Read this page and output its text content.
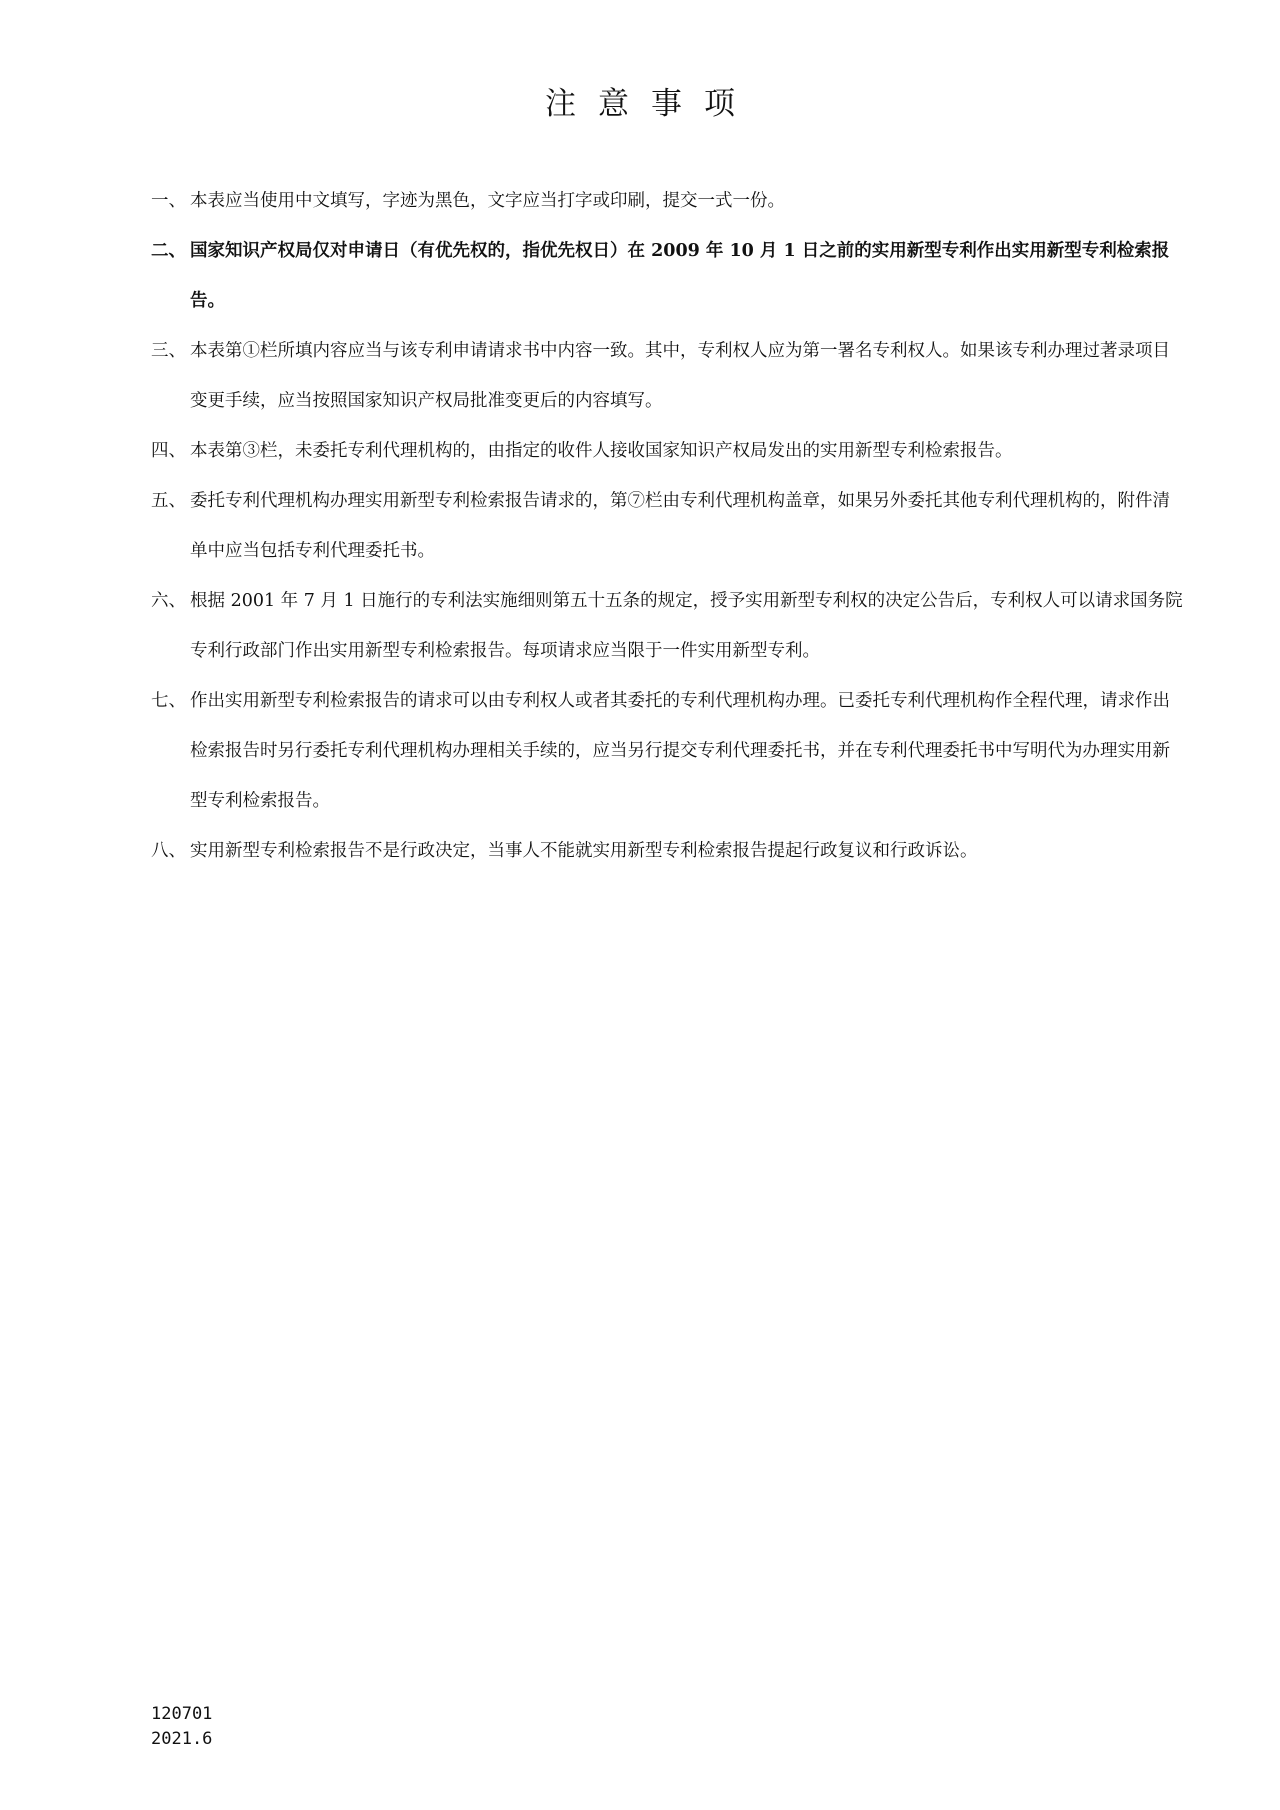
注意事项
一、 本表应当使用中文填写，字迹为黑色，文字应当打字或印刷，提交一式一份。
二、 国家知识产权局仅对申请日（有优先权的，指优先权日）在 2009 年 10 月 1 日之前的实用新型专利作出实用新型专利检索报告。
三、 本表第①栏所填内容应当与该专利申请请求书中内容一致。其中，专利权人应为第一署名专利权人。如果该专利办理过著录项目变更手续，应当按照国家知识产权局批准变更后的内容填写。
四、 本表第③栏，未委托专利代理机构的，由指定的收件人接收国家知识产权局发出的实用新型专利检索报告。
五、 委托专利代理机构办理实用新型专利检索报告请求的，第⑦栏由专利代理机构盖章，如果另外委托其他专利代理机构的，附件清单中应当包括专利代理委托书。
六、 根据 2001 年 7 月 1 日施行的专利法实施细则第五十五条的规定，授予实用新型专利权的决定公告后，专利权人可以请求国务院专利行政部门作出实用新型专利检索报告。每项请求应当限于一件实用新型专利。
七、 作出实用新型专利检索报告的请求可以由专利权人或者其委托的专利代理机构办理。已委托专利代理机构作全程代理，请求作出检索报告时另行委托专利代理机构办理相关手续的，应当另行提交专利代理委托书，并在专利代理委托书中写明代为办理实用新型专利检索报告。
八、 实用新型专利检索报告不是行政决定，当事人不能就实用新型专利检索报告提起行政复议和行政诉讼。
120701
2021.6
